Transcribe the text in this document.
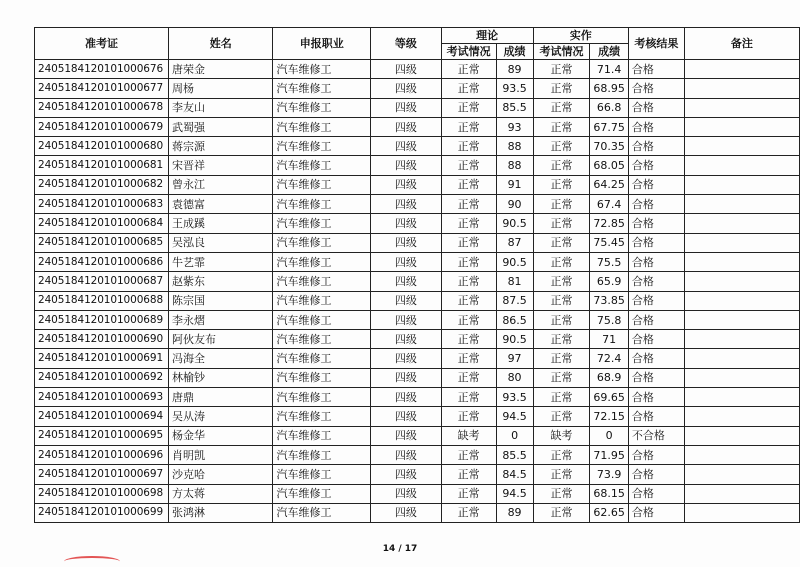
准考证	姓名	申报职业	等级	理论		实作		考核结果	备注
				考试情况	成绩	考试情况	成绩		
2405184120101000676	唐荣金	汽车维修工	四级	正常	89	正常	71.4	合格	
2405184120101000677	周杨	汽车维修工	四级	正常	93.5	正常	68.95	合格	
2405184120101000678	李友山	汽车维修工	四级	正常	85.5	正常	66.8	合格	
2405184120101000679	武蜀强	汽车维修工	四级	正常	93	正常	67.75	合格	
2405184120101000680	蒋宗源	汽车维修工	四级	正常	88	正常	70.35	合格	
2405184120101000681	宋晋祥	汽车维修工	四级	正常	88	正常	68.05	合格	
2405184120101000682	曾永江	汽车维修工	四级	正常	91	正常	64.25	合格	
2405184120101000683	袁德富	汽车维修工	四级	正常	90	正常	67.4	合格	
2405184120101000684	王成蹊	汽车维修工	四级	正常	90.5	正常	72.85	合格	
2405184120101000685	吴泓良	汽车维修工	四级	正常	87	正常	75.45	合格	
2405184120101000686	牛艺霏	汽车维修工	四级	正常	90.5	正常	75.5	合格	
2405184120101000687	赵紫东	汽车维修工	四级	正常	81	正常	65.9	合格	
2405184120101000688	陈宗国	汽车维修工	四级	正常	87.5	正常	73.85	合格	
2405184120101000689	李永熠	汽车维修工	四级	正常	86.5	正常	75.8	合格	
2405184120101000690	阿伙友布	汽车维修工	四级	正常	90.5	正常	71	合格	
2405184120101000691	冯海全	汽车维修工	四级	正常	97	正常	72.4	合格	
2405184120101000692	林榆钞	汽车维修工	四级	正常	80	正常	68.9	合格	
2405184120101000693	唐鼎	汽车维修工	四级	正常	93.5	正常	69.65	合格	
2405184120101000694	吴从涛	汽车维修工	四级	正常	94.5	正常	72.15	合格	
2405184120101000695	杨金华	汽车维修工	四级	缺考	0	缺考	0	不合格	
2405184120101000696	肖明凯	汽车维修工	四级	正常	85.5	正常	71.95	合格	
2405184120101000697	沙克哈	汽车维修工	四级	正常	84.5	正常	73.9	合格	
2405184120101000698	方太蒋	汽车维修工	四级	正常	94.5	正常	68.15	合格	
2405184120101000699	张鸿淋	汽车维修工	四级	正常	89	正常	62.65	合格	
14 / 17
